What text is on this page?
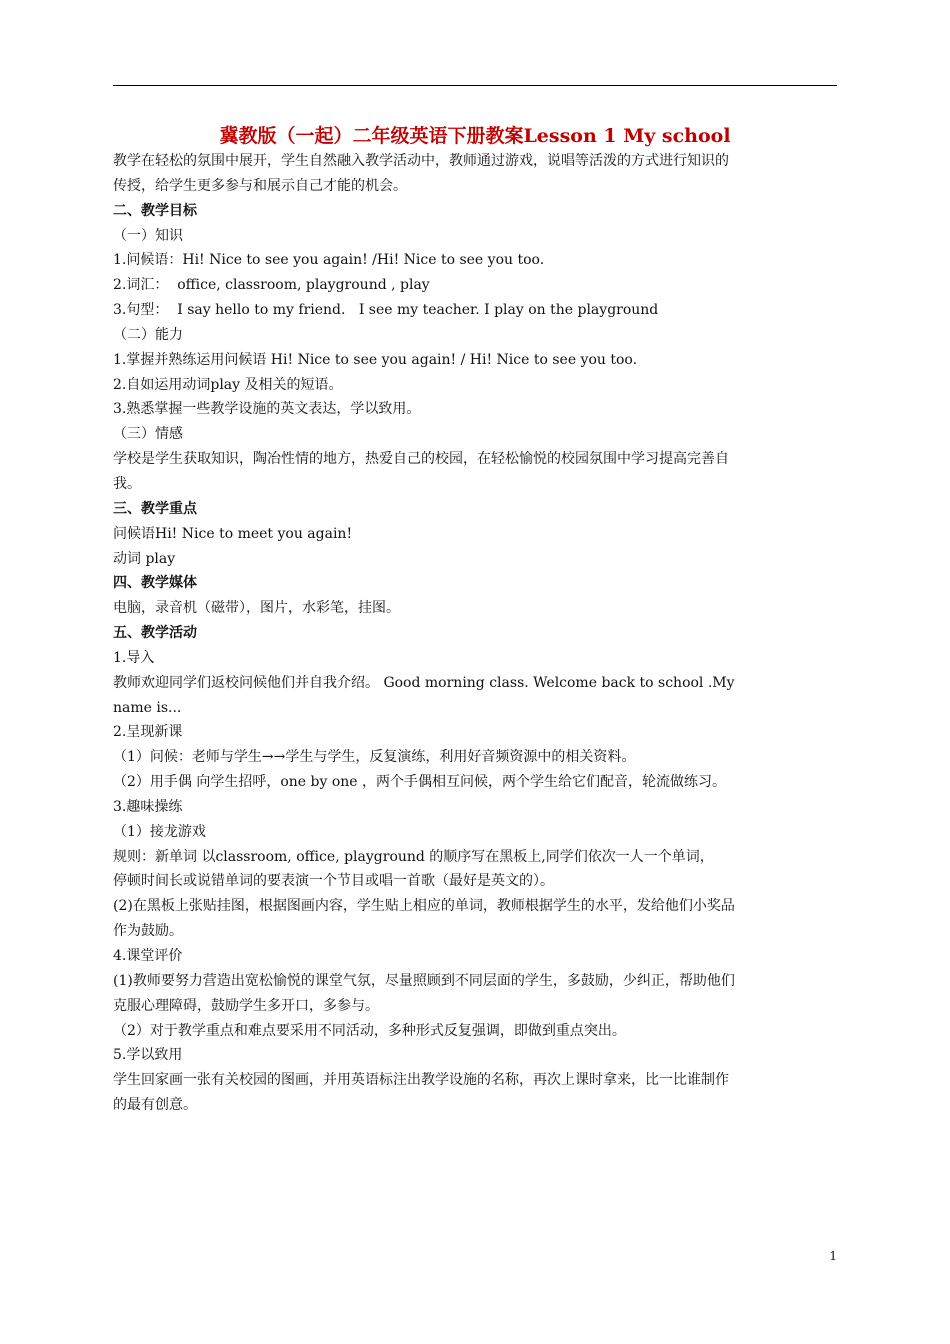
冀教版（一起）二年级英语下册教案Lesson 1 My school
教学在轻松的氛围中展开，学生自然融入教学活动中，教师通过游戏，说唱等活泼的方式进行知识的
传授，给学生更多参与和展示自己才能的机会。
二、教学目标
（一）知识
1.问候语：Hi! Nice to see you again! /Hi! Nice to see you too.
2.词汇：  office, classroom, playground , play
3.句型：  I say hello to my friend.   I see my teacher. I play on the playground
（二）能力
1.掌握并熟练运用问候语 Hi! Nice to see you again! / Hi! Nice to see you too.
2.自如运用动词play 及相关的短语。
3.熟悉掌握一些教学设施的英文表达，学以致用。
（三）情感
学校是学生获取知识，陶冶性情的地方，热爱自己的校园，在轻松愉悦的校园氛围中学习提高完善自
我。
三、教学重点
问候语Hi! Nice to meet you again!
动词 play
四、教学媒体
电脑，录音机（磁带），图片，水彩笔，挂图。
五、教学活动
1.导入
教师欢迎同学们返校问候他们并自我介绍。 Good morning class. Welcome back to school .My
name is...
2.呈现新课
（1）问候：老师与学生→→学生与学生，反复演练，利用好音频资源中的相关资料。
（2）用手偶 向学生招呼，one by one ，两个手偶相互问候，两个学生给它们配音，轮流做练习。
3.趣味操练
（1）接龙游戏
规则：新单词 以classroom, office, playground 的顺序写在黑板上,同学们依次一人一个单词，
停顿时间长或说错单词的要表演一个节目或唱一首歌（最好是英文的）。
(2)在黑板上张贴挂图，根据图画内容，学生贴上相应的单词，教师根据学生的水平，发给他们小奖品
作为鼓励。
4.课堂评价
(1)教师要努力营造出宽松愉悦的课堂气氛，尽量照顾到不同层面的学生，多鼓励，少纠正，帮助他们
克服心理障碍，鼓励学生多开口，多参与。
（2）对于教学重点和难点要采用不同活动，多种形式反复强调，即做到重点突出。
5.学以致用
学生回家画一张有关校园的图画，并用英语标注出教学设施的名称，再次上课时拿来，比一比谁制作
的最有创意。
1
